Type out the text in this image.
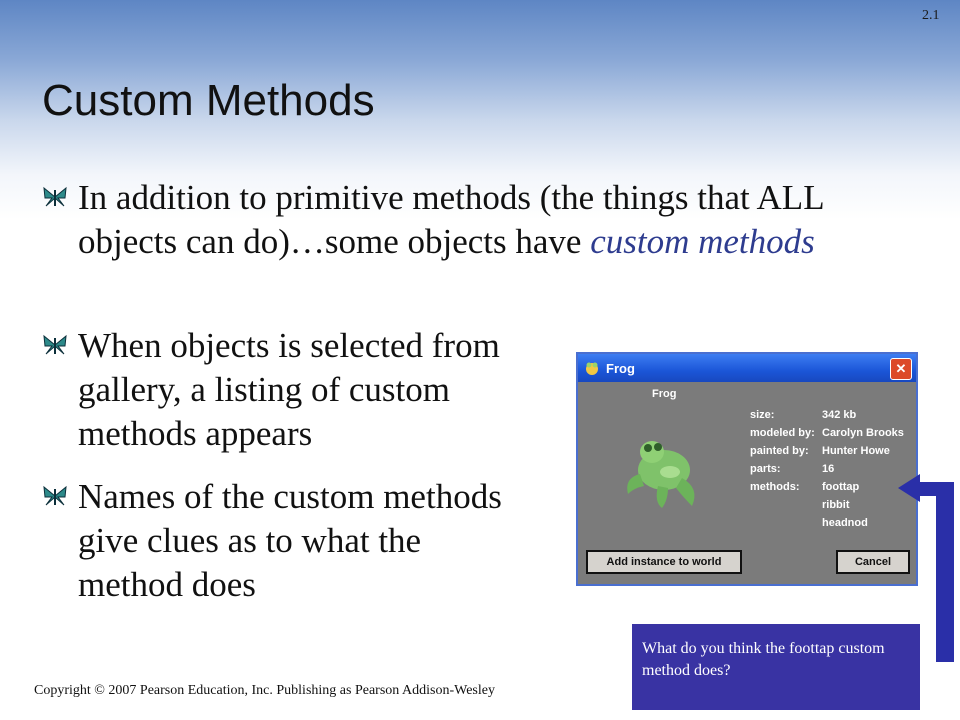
2.1
Custom Methods
In addition to primitive methods (the things that ALL objects can do)…some objects have custom methods
When objects is selected from gallery, a listing of custom methods appears
Names of the custom methods give clues as to what the method does
Frog	✕
Frog
size:	342 kb
modeled by: Carolyn Brooks
painted by: Hunter Howe
parts:	16
methods: foottap
ribbit
headnod
Add instance to world	Cancel
What do you think the foottap custom method does?
Copyright © 2007 Pearson Education, Inc. Publishing as Pearson Addison-Wesley
